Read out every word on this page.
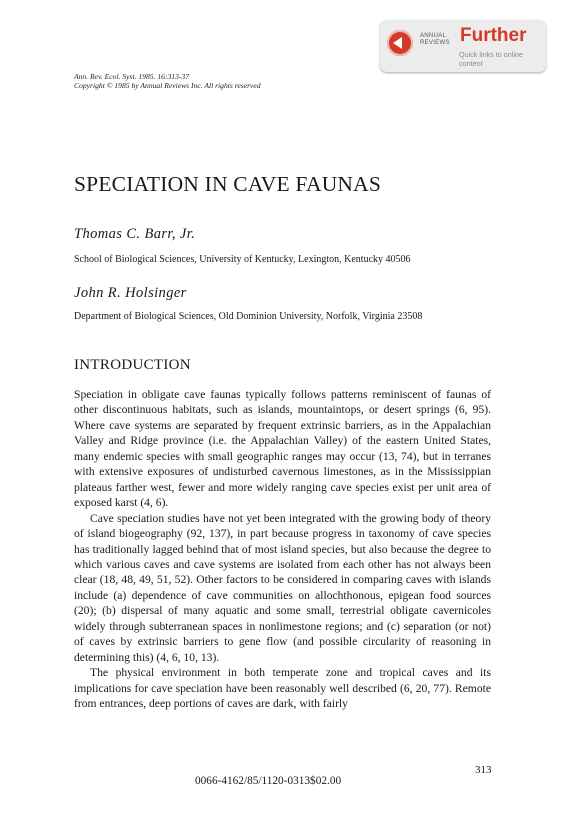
Ann. Rev. Ecol. Syst. 1985. 16:313-37
Copyright © 1985 by Annual Reviews Inc. All rights reserved
ANNUAL
REVIEWS Further
Quick links to online content
SPECIATION IN CAVE FAUNAS
Thomas C. Barr, Jr.
School of Biological Sciences, University of Kentucky, Lexington, Kentucky 40506
John R. Holsinger
Department of Biological Sciences, Old Dominion University, Norfolk, Virginia 23508
INTRODUCTION

Speciation in obligate cave faunas typically follows patterns reminiscent of faunas of other discontinuous habitats, such as islands, mountaintops, or desert springs (6, 95). Where cave systems are separated by frequent extrinsic barriers, as in the Appalachian Valley and Ridge province (i.e. the Appalachian Valley) of the eastern United States, many endemic species with small geographic ranges may occur (13, 74), but in terranes with extensive exposures of undisturbed cavernous limestones, as in the Mississippian plateaus farther west, fewer and more widely ranging cave species exist per unit area of exposed karst (4, 6).

Cave speciation studies have not yet been integrated with the growing body of theory of island biogeography (92, 137), in part because progress in taxonomy of cave species has traditionally lagged behind that of most island species, but also because the degree to which various caves and cave systems are isolated from each other has not always been clear (18, 48, 49, 51, 52). Other factors to be considered in comparing caves with islands include (a) dependence of cave communities on allochthonous, epigean food sources (20); (b) dispersal of many aquatic and some small, terrestrial obligate cavernicoles widely through subterranean spaces in nonlimestone regions; and (c) separation (or not) of caves by extrinsic barriers to gene flow (and possible circularity of reasoning in determining this) (4, 6, 10, 13).

The physical environment in both temperate zone and tropical caves and its implications for cave speciation have been reasonably well described (6, 20, 77). Remote from entrances, deep portions of caves are dark, with fairly

313
0066-4162/85/1120-0313$02.00
